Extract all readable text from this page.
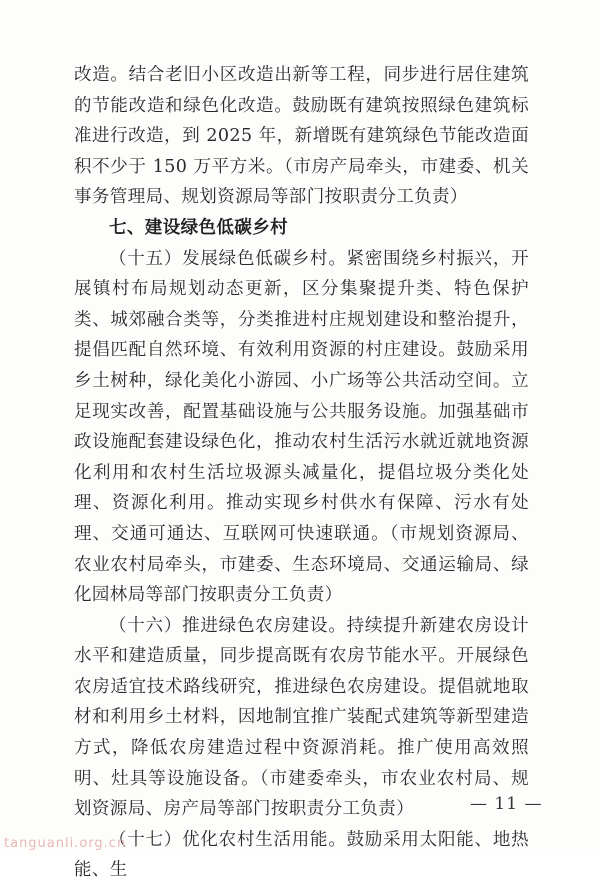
改造。结合老旧小区改造出新等工程，同步进行居住建筑的节能改造和绿色化改造。鼓励既有建筑按照绿色建筑标准进行改造，到 2025 年，新增既有建筑绿色节能改造面积不少于 150 万平方米。（市房产局牵头，市建委、机关事务管理局、规划资源局等部门按职责分工负责）

七、建设绿色低碳乡村

（十五）发展绿色低碳乡村。紧密围绕乡村振兴，开展镇村布局规划动态更新，区分集聚提升类、特色保护类、城郊融合类等，分类推进村庄规划建设和整治提升，提倡匹配自然环境、有效利用资源的村庄建设。鼓励采用乡土树种，绿化美化小游园、小广场等公共活动空间。立足现实改善，配置基础设施与公共服务设施。加强基础市政设施配套建设绿色化，推动农村生活污水就近就地资源化利用和农村生活垃圾源头减量化，提倡垃圾分类化处理、资源化利用。推动实现乡村供水有保障、污水有处理、交通可通达、互联网可快速联通。（市规划资源局、农业农村局牵头，市建委、生态环境局、交通运输局、绿化园林局等部门按职责分工负责）

（十六）推进绿色农房建设。持续提升新建农房设计水平和建造质量，同步提高既有农房节能水平。开展绿色农房适宜技术路线研究，推进绿色农房建设。提倡就地取材和利用乡土材料，因地制宜推广装配式建筑等新型建造方式，降低农房建造过程中资源消耗。推广使用高效照明、灶具等设施设备。（市建委牵头，市农业农村局、规划资源局、房产局等部门按职责分工负责）

（十七）优化农村生活用能。鼓励采用太阳能、地热能、生

— 11 —
tanguanli.org.cn
